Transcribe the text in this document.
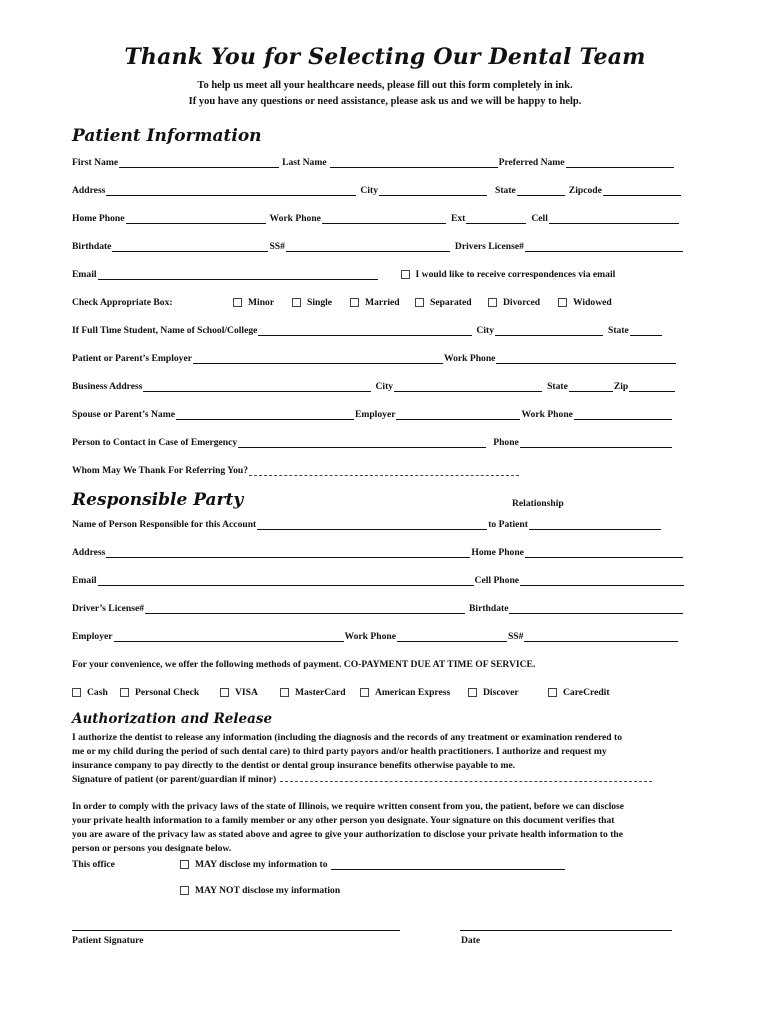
Thank You for Selecting Our Dental Team
To help us meet all your healthcare needs, please fill out this form completely in ink.
If you have any questions or need assistance, please ask us and we will be happy to help.
Patient Information
First Name	Last Name	Preferred Name
Address	City	State	Zipcode
Home Phone	Work Phone	Ext	Cell
Birthdate	SS#	Drivers License#
Email	I would like to receive correspondences via email
Check Appropriate Box:	Minor	Single	Married	Separated	Divorced	Widowed
If Full Time Student, Name of School/College	City	State
Patient or Parent’s Employer	Work Phone
Business Address	City	State	Zip
Spouse or Parent’s Name	Employer	Work Phone
Person to Contact in Case of Emergency	Phone
Whom May We Thank For Referring You?
Responsible Party	Relationship
Name of Person Responsible for this Account	to Patient
Address	Home Phone
Email	Cell Phone
Driver’s License#	Birthdate
Employer	Work Phone	SS#
For your convenience, we offer the following methods of payment. CO-PAYMENT DUE AT TIME OF SERVICE.
Cash	Personal Check	VISA	MasterCard	American Express	Discover	CareCredit
Authorization and Release
I authorize the dentist to release any information (including the diagnosis and the records of any treatment or examination rendered to
me or my child during the period of such dental care) to third party payors and/or health practitioners. I authorize and request my
insurance company to pay directly to the dentist or dental group insurance benefits otherwise payable to me.
Signature of patient (or parent/guardian if minor)
In order to comply with the privacy laws of the state of Illinois, we require written consent from you, the patient, before we can disclose
your private health information to a family member or any other person you designate. Your signature on this document verifies that
you are aware of the privacy law as stated above and agree to give your authorization to disclose your private health information to the
person or persons you designate below.
This office	MAY disclose my information to
MAY NOT disclose my information
Patient Signature	Date
